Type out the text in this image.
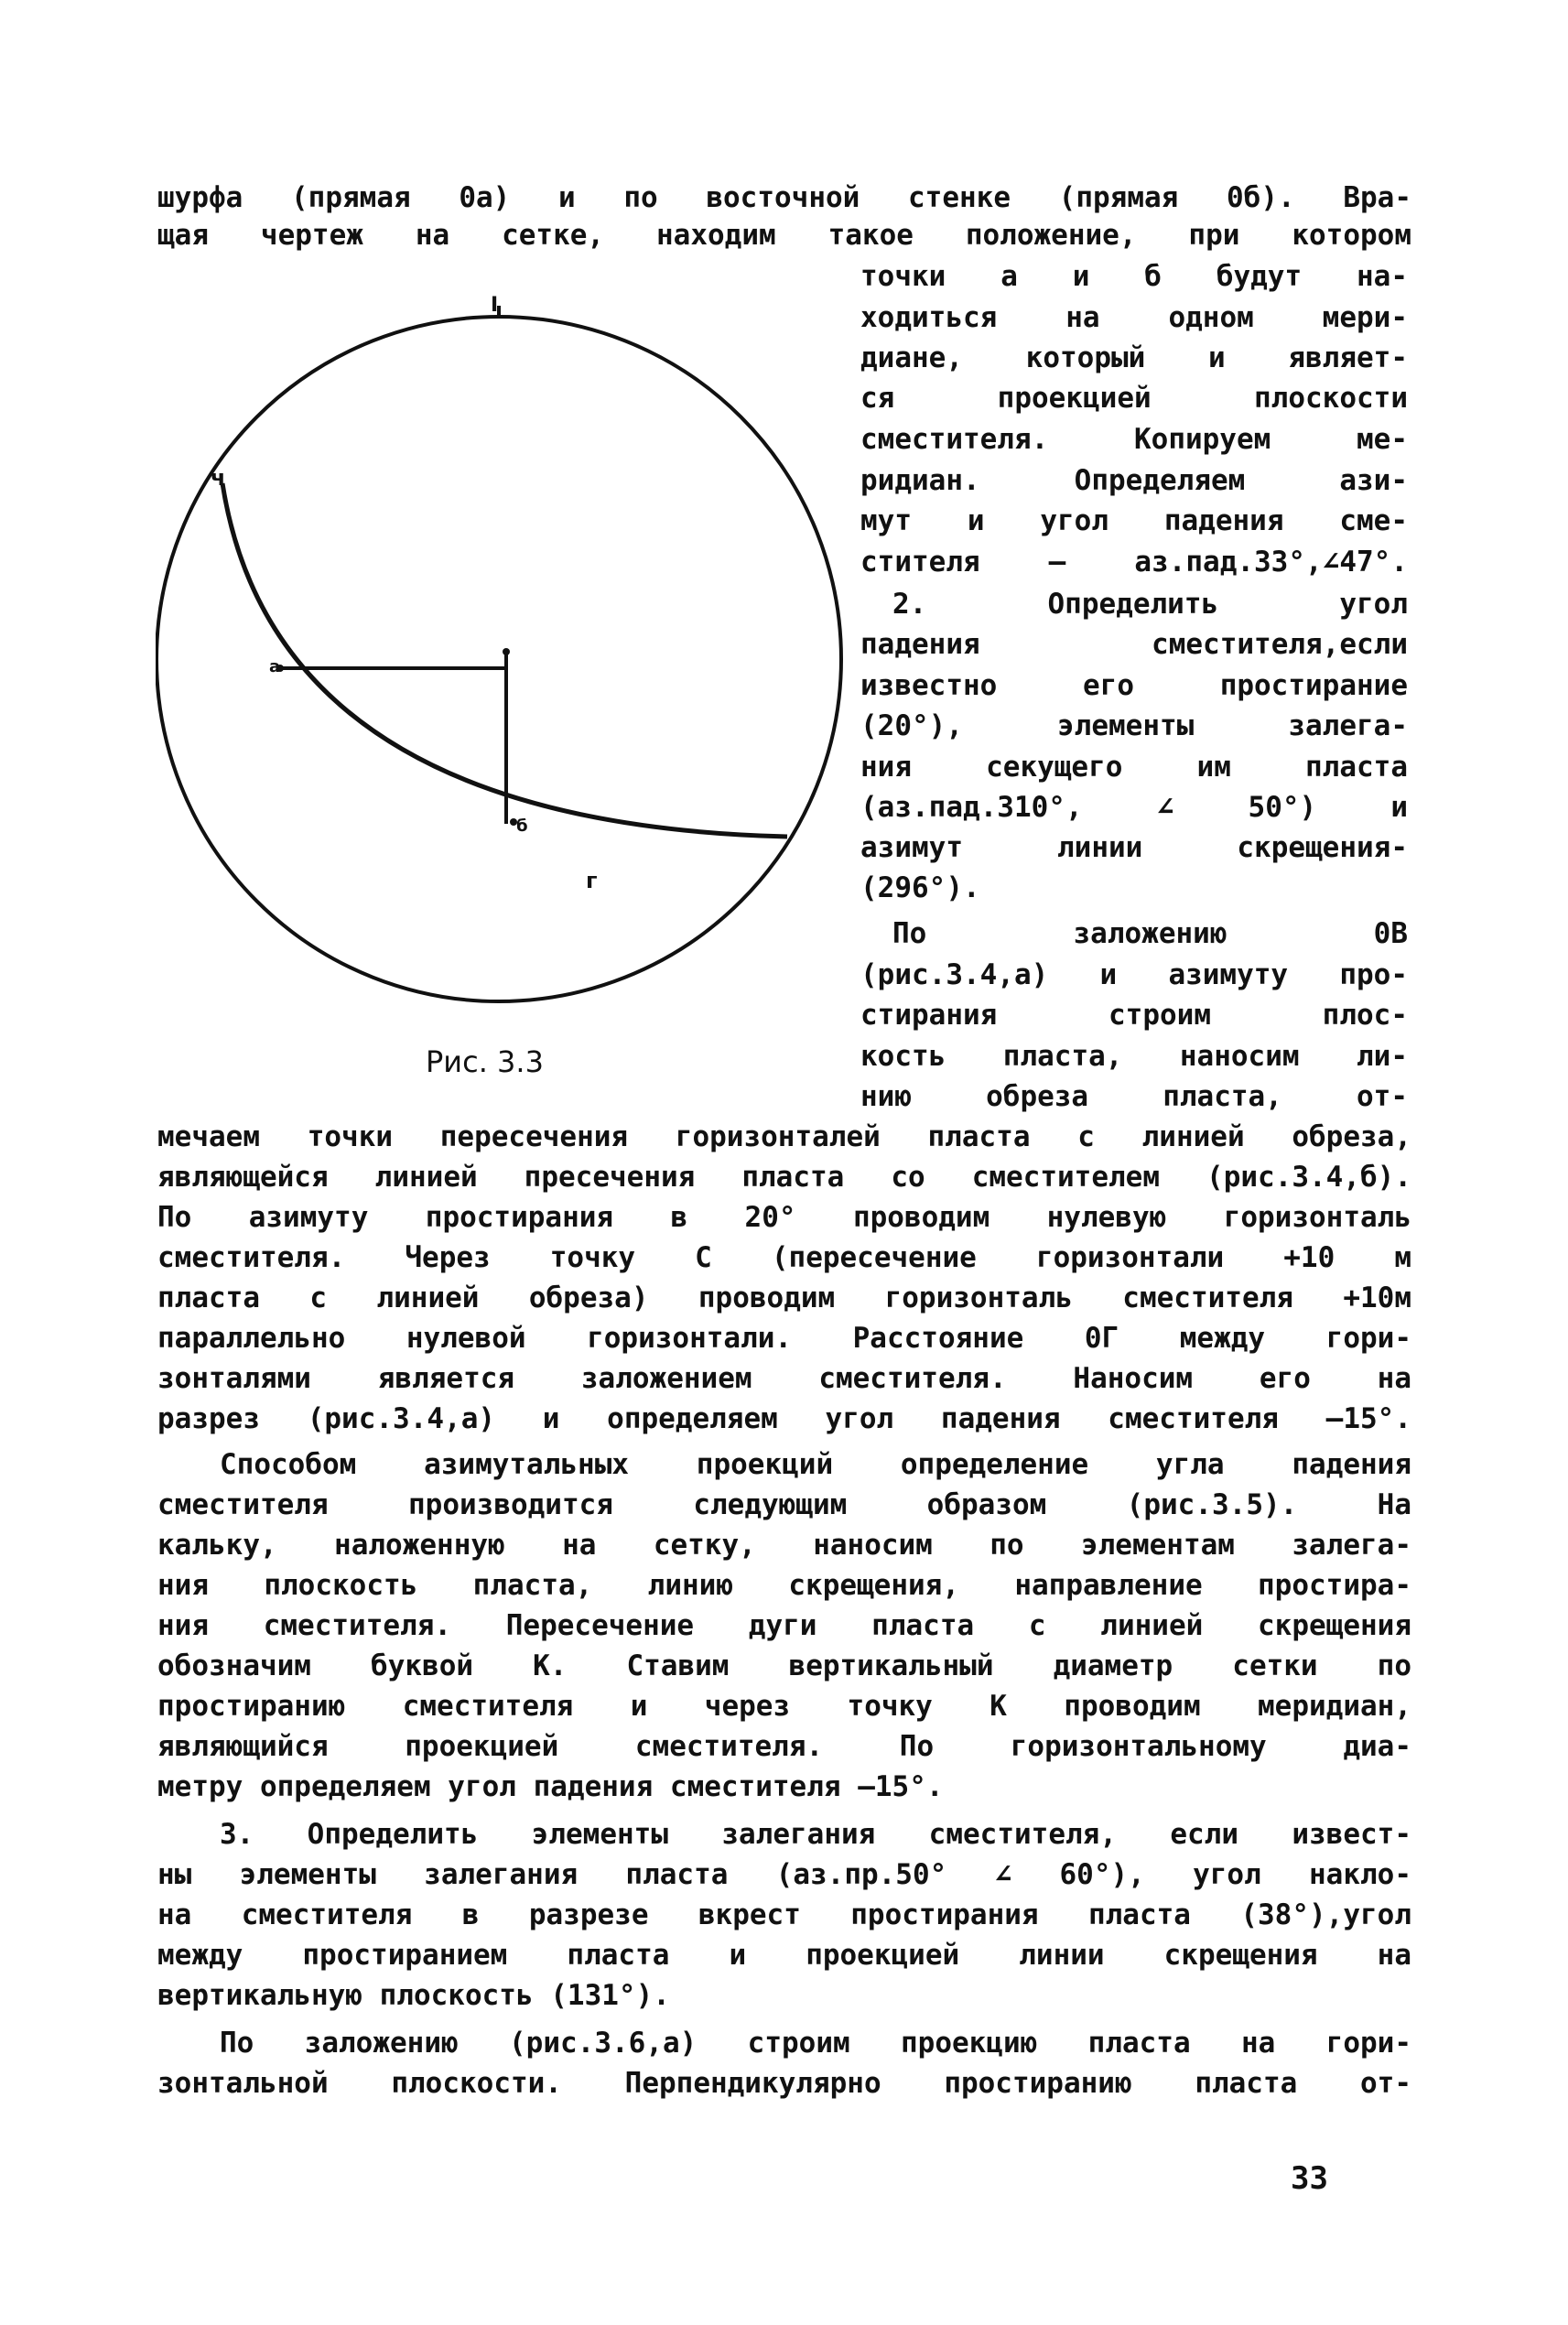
шурфа (прямая 0а) и по восточной стенке (прямая 0б). Вра-

щая чертеж на сетке, находим такое положение, при котором

I
ч
г
а
б
Рис. 3.3

точки а и б будут на-

ходиться на одном мери-

диане, который и являет-

ся проекцией плоскости

сместителя. Копируем ме-

ридиан. Определяем ази-

мут и угол падения сме-

стителя – аз.пад.33°,∠47°.

2. Определить угол

падения сместителя,если

известно его простирание

(20°), элементы залега-

ния секущего им пласта

(аз.пад.310°, ∠ 50°) и

азимут линии скрещения-

(296°).

По заложению 0В

(рис.3.4,а) и азимуту про-

стирания строим плос-

кость пласта, наносим ли-

нию обреза пласта, от-

мечаем точки пересечения горизонталей пласта с линией обреза,

являющейся линией пресечения пласта со сместителем (рис.3.4,б).

По азимуту простирания в 20° проводим нулевую горизонталь

сместителя. Через точку С (пересечение горизонтали +10 м

пласта с линией обреза) проводим горизонталь сместителя +10м

параллельно нулевой горизонтали. Расстояние 0Г между гори-

зонталями является заложением сместителя. Наносим его на

разрез (рис.3.4,а) и определяем угол падения сместителя –15°.

Способом азимутальных проекций определение угла падения

сместителя производится следующим образом (рис.3.5). На

кальку, наложенную на сетку, наносим по элементам залега-

ния плоскость пласта, линию скрещения, направление простира-

ния сместителя. Пересечение дуги пласта с линией скрещения

обозначим буквой К. Ставим вертикальный диаметр сетки по

простиранию сместителя и через точку К проводим меридиан,

являющийся проекцией сместителя. По горизонтальному диа-

метру определяем угол падения сместителя –15°.

3. Определить элементы залегания сместителя, если извест-

ны элементы залегания пласта (аз.пр.50° ∠ 60°), угол накло-

на сместителя в разрезе вкрест простирания пласта (38°),угол

между простиранием пласта и проекцией линии скрещения на

вертикальную плоскость (131°).

По заложению (рис.3.6,а) строим проекцию пласта на гори-

зонтальной плоскости. Перпендикулярно простиранию пласта от-

33
